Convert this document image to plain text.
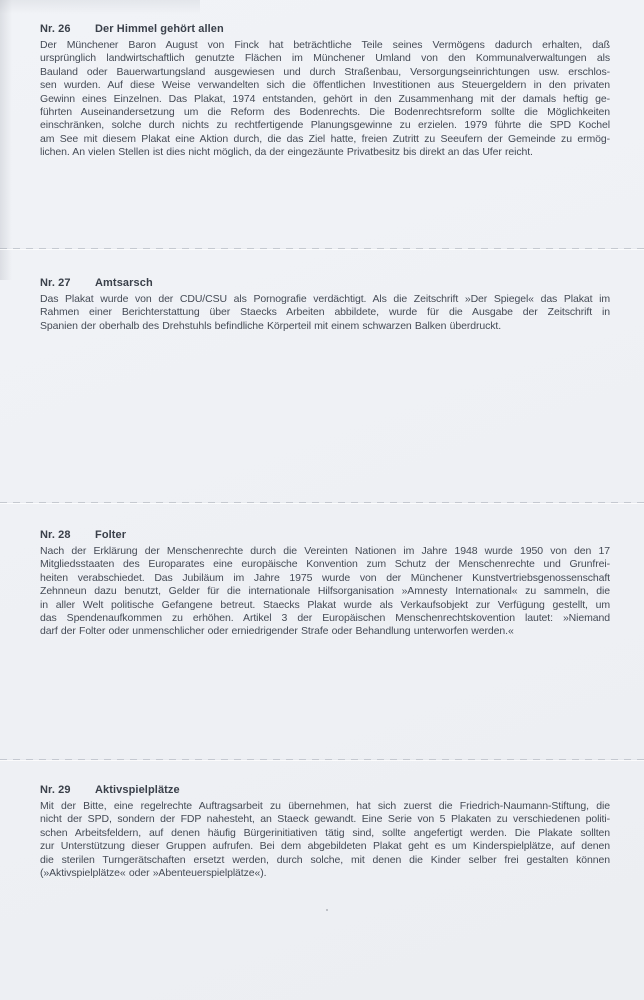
Nr. 26	Der Himmel gehört allen
Der Münchener Baron August von Finck hat beträchtliche Teile seines Vermögens dadurch erhalten, daß
ursprünglich landwirtschaftlich genutzte Flächen im Münchener Umland von den Kommunalverwaltungen als
Bauland oder Bauerwartungsland ausgewiesen und durch Straßenbau, Versorgungseinrichtungen usw. erschlos-
sen wurden. Auf diese Weise verwandelten sich die öffentlichen Investitionen aus Steuergeldern in den privaten
Gewinn eines Einzelnen. Das Plakat, 1974 entstanden, gehört in den Zusammenhang mit der damals heftig ge-
führten Auseinandersetzung um die Reform des Bodenrechts. Die Bodenrechtsreform sollte die Möglichkeiten
einschränken, solche durch nichts zu rechtfertigende Planungsgewinne zu erzielen. 1979 führte die SPD Kochel
am See mit diesem Plakat eine Aktion durch, die das Ziel hatte, freien Zutritt zu Seeufern der Gemeinde zu ermög-
lichen. An vielen Stellen ist dies nicht möglich, da der eingezäunte Privatbesitz bis direkt an das Ufer reicht.
Nr. 27	Amtsarsch
Das Plakat wurde von der CDU/CSU als Pornografie verdächtigt. Als die Zeitschrift »Der Spiegel« das Plakat im
Rahmen einer Berichterstattung über Staecks Arbeiten abbildete, wurde für die Ausgabe der Zeitschrift in
Spanien der oberhalb des Drehstuhls befindliche Körperteil mit einem schwarzen Balken überdruckt.
Nr. 28	Folter
Nach der Erklärung der Menschenrechte durch die Vereinten Nationen im Jahre 1948 wurde 1950 von den 17
Mitgliedsstaaten des Europarates eine europäische Konvention zum Schutz der Menschenrechte und Grunfrei-
heiten verabschiedet. Das Jubiläum im Jahre 1975 wurde von der Münchener Kunstvertriebsgenossenschaft
Zehnneun dazu benutzt, Gelder für die internationale Hilfsorganisation »Amnesty International« zu sammeln, die
in aller Welt politische Gefangene betreut. Staecks Plakat wurde als Verkaufsobjekt zur Verfügung gestellt, um
das Spendenaufkommen zu erhöhen. Artikel 3 der Europäischen Menschenrechtskovention lautet: »Niemand
darf der Folter oder unmenschlicher oder erniedrigender Strafe oder Behandlung unterworfen werden.«
Nr. 29	Aktivspielplätze
Mit der Bitte, eine regelrechte Auftragsarbeit zu übernehmen, hat sich zuerst die Friedrich-Naumann-Stiftung, die
nicht der SPD, sondern der FDP nahesteht, an Staeck gewandt. Eine Serie von 5 Plakaten zu verschiedenen politi-
schen Arbeitsfeldern, auf denen häufig Bürgerinitiativen tätig sind, sollte angefertigt werden. Die Plakate sollten
zur Unterstützung dieser Gruppen aufrufen. Bei dem abgebildeten Plakat geht es um Kinderspielplätze, auf denen
die sterilen Turngerätschaften ersetzt werden, durch solche, mit denen die Kinder selber frei gestalten können
(»Aktivspielplätze« oder »Abenteuerspielplätze«).
